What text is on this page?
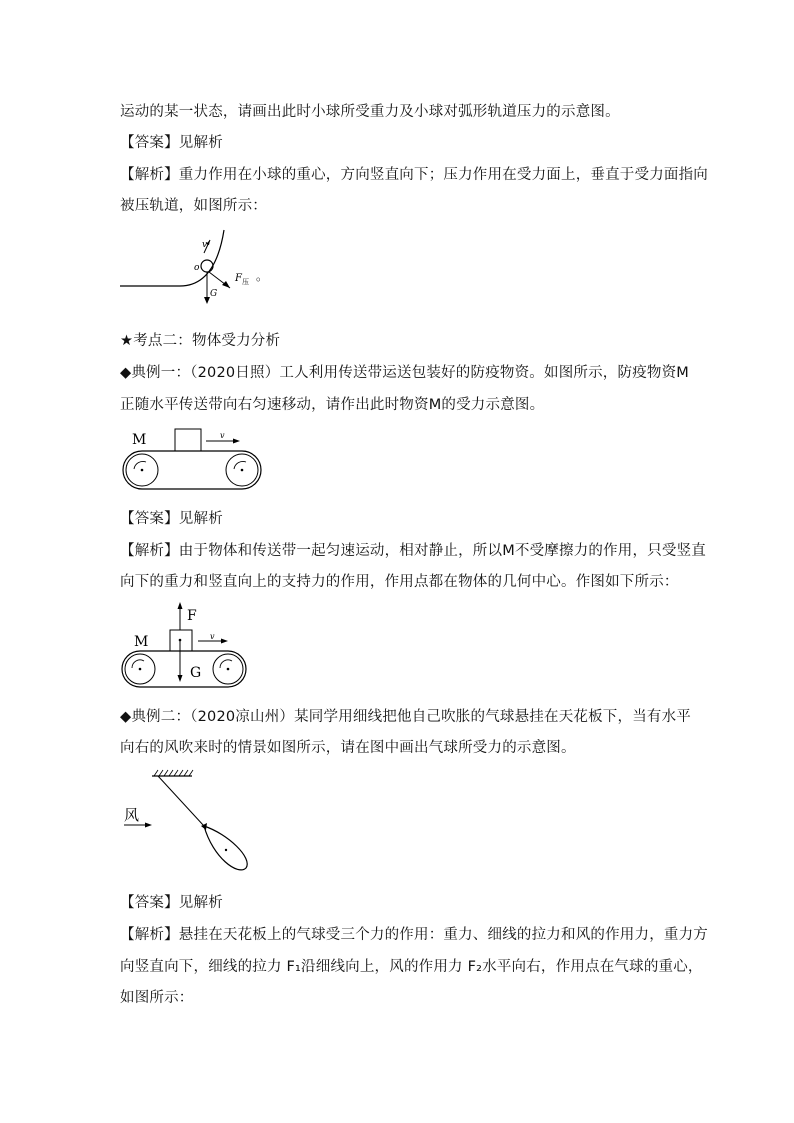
运动的某一状态，请画出此时小球所受重力及小球对弧形轨道压力的示意图。
【答案】见解析
【解析】重力作用在小球的重心，方向竖直向下；压力作用在受力面上，垂直于受力面指向
被压轨道，如图所示：
v
o
F 压
G
。
★考点二：物体受力分析
◆典例一：（2020日照）工人利用传送带运送包装好的防疫物资。如图所示，防疫物资M
正随水平传送带向右匀速移动，请作出此时物资M的受力示意图。
M	v
【答案】见解析
【解析】由于物体和传送带一起匀速运动，相对静止，所以M不受摩擦力的作用，只受竖直
向下的重力和竖直向上的支持力的作用，作用点都在物体的几何中心。作图如下所示：
F
M	v
G
◆典例二：（2020凉山州）某同学用细线把他自己吹胀的气球悬挂在天花板下，当有水平
向右的风吹来时的情景如图所示，请在图中画出气球所受力的示意图。
风
【答案】见解析
【解析】悬挂在天花板上的气球受三个力的作用：重力、细线的拉力和风的作用力，重力方
向竖直向下，细线的拉力 F₁沿细线向上，风的作用力 F₂水平向右，作用点在气球的重心，
如图所示：
